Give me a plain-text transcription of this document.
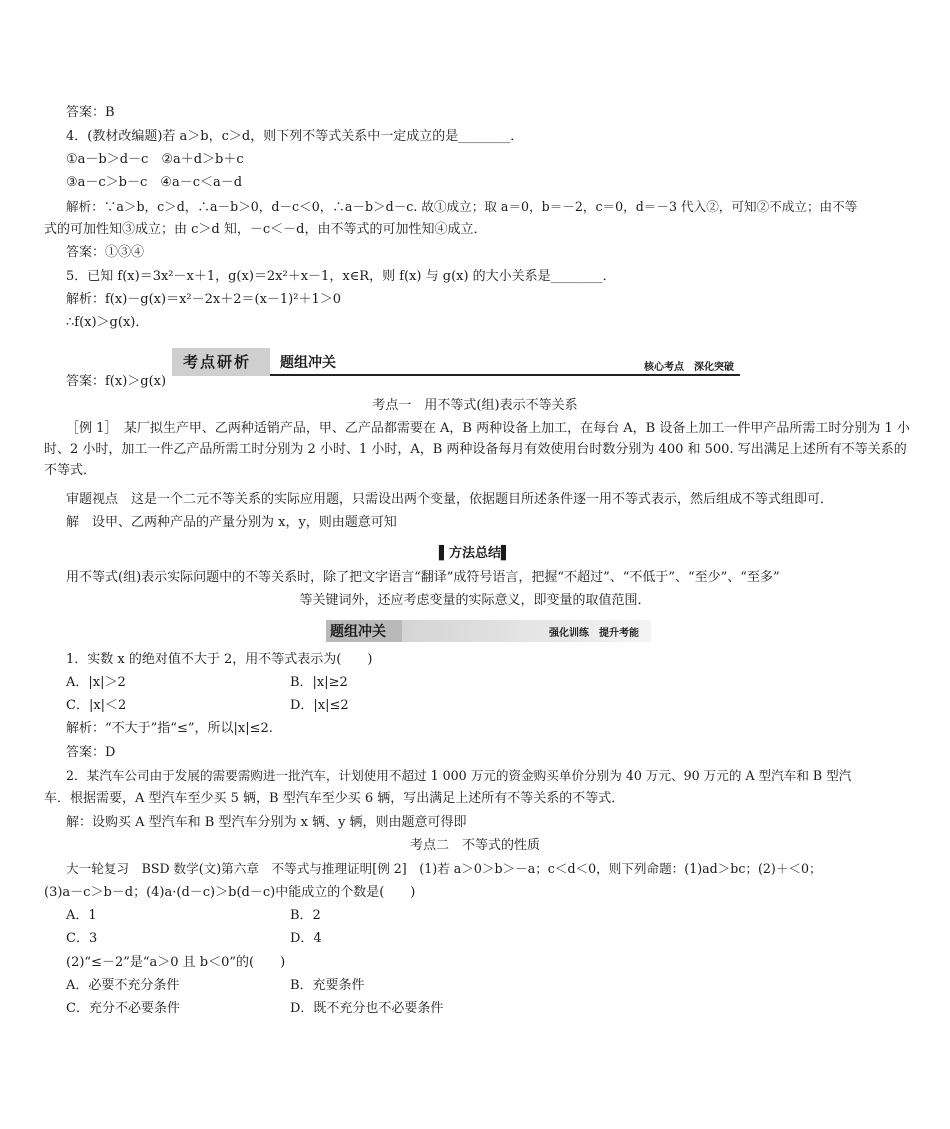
答案：B
4．(教材改编题)若 a＞b，c＞d，则下列不等式关系中一定成立的是________．
①a－b＞d－c　②a＋d＞b＋c
③a－c＞b－c　④a－c＜a－d
解析：∵a＞b，c＞d，∴a－b＞0，d－c＜0，∴a－b＞d－c. 故①成立；取 a＝0，b＝－2，c＝0，d＝－3 代入②，可知②不成立；由不等
式的可加性知③成立；由 c＞d 知，－c＜－d，由不等式的可加性知④成立．
答案：①③④
5．已知 f(x)＝3x²－x＋1，g(x)＝2x²＋x－1，x∈R，则 f(x) 与 g(x) 的大小关系是________．
解析：f(x)－g(x)＝x²－2x＋2＝(x－1)²＋1＞0
∴f(x)＞g(x)．
考点研析 题组冲关	核心考点　深化突破
答案：f(x)＞g(x)
考点一　用不等式(组)表示不等关系
［例 1］　某厂拟生产甲、乙两种适销产品，甲、乙产品都需要在 A，B 两种设备上加工，在每台 A，B 设备上加工一件甲产品所需工时分别为 1 小时、2 小时，加工一件乙产品所需工时分别为 2 小时、1 小时，A，B 两种设备每月有效使用台时数分别为 400 和 500. 写出满足上述所有不等关系的不等式．
审题视点　这是一个二元不等关系的实际应用题，只需设出两个变量，依据题目所述条件逐一用不等式表示，然后组成不等式组即可．
解　设甲、乙两种产品的产量分别为 x，y，则由题意可知
▌方法总结▌
用不等式(组)表示实际问题中的不等关系时，除了把文字语言“翻译”成符号语言，把握“不超过”、“不低于”、“至少”、“至多”
等关键词外，还应考虑变量的实际意义，即变量的取值范围．
题组冲关	强化训练　提升考能
1．实数 x 的绝对值不大于 2，用不等式表示为(　　)
A．|x|＞2	B．|x|≥2
C．|x|＜2	D．|x|≤2
解析：“不大于”指“≤”，所以|x|≤2.
答案：D
2．某汽车公司由于发展的需要需购进一批汽车，计划使用不超过 1 000 万元的资金购买单价分别为 40 万元、90 万元的 A 型汽车和 B 型汽
车．根据需要，A 型汽车至少买 5 辆，B 型汽车至少买 6 辆，写出满足上述所有不等关系的不等式．
解：设购买 A 型汽车和 B 型汽车分别为 x 辆、y 辆，则由题意可得即
考点二　不等式的性质
大一轮复习　BSD 数学(文)第六章　不等式与推理证明[例 2]　(1)若 a＞0＞b＞－a；c＜d＜0，则下列命题：(1)ad＞bc；(2)＋＜0；
(3)a－c＞b－d；(4)a·(d－c)＞b(d－c)中能成立的个数是(　　)
A．1	B．2
C．3	D．4
(2)“≤－2”是“a＞0 且 b＜0”的(　　)
A．必要不充分条件	B．充要条件
C．充分不必要条件	D．既不充分也不必要条件
